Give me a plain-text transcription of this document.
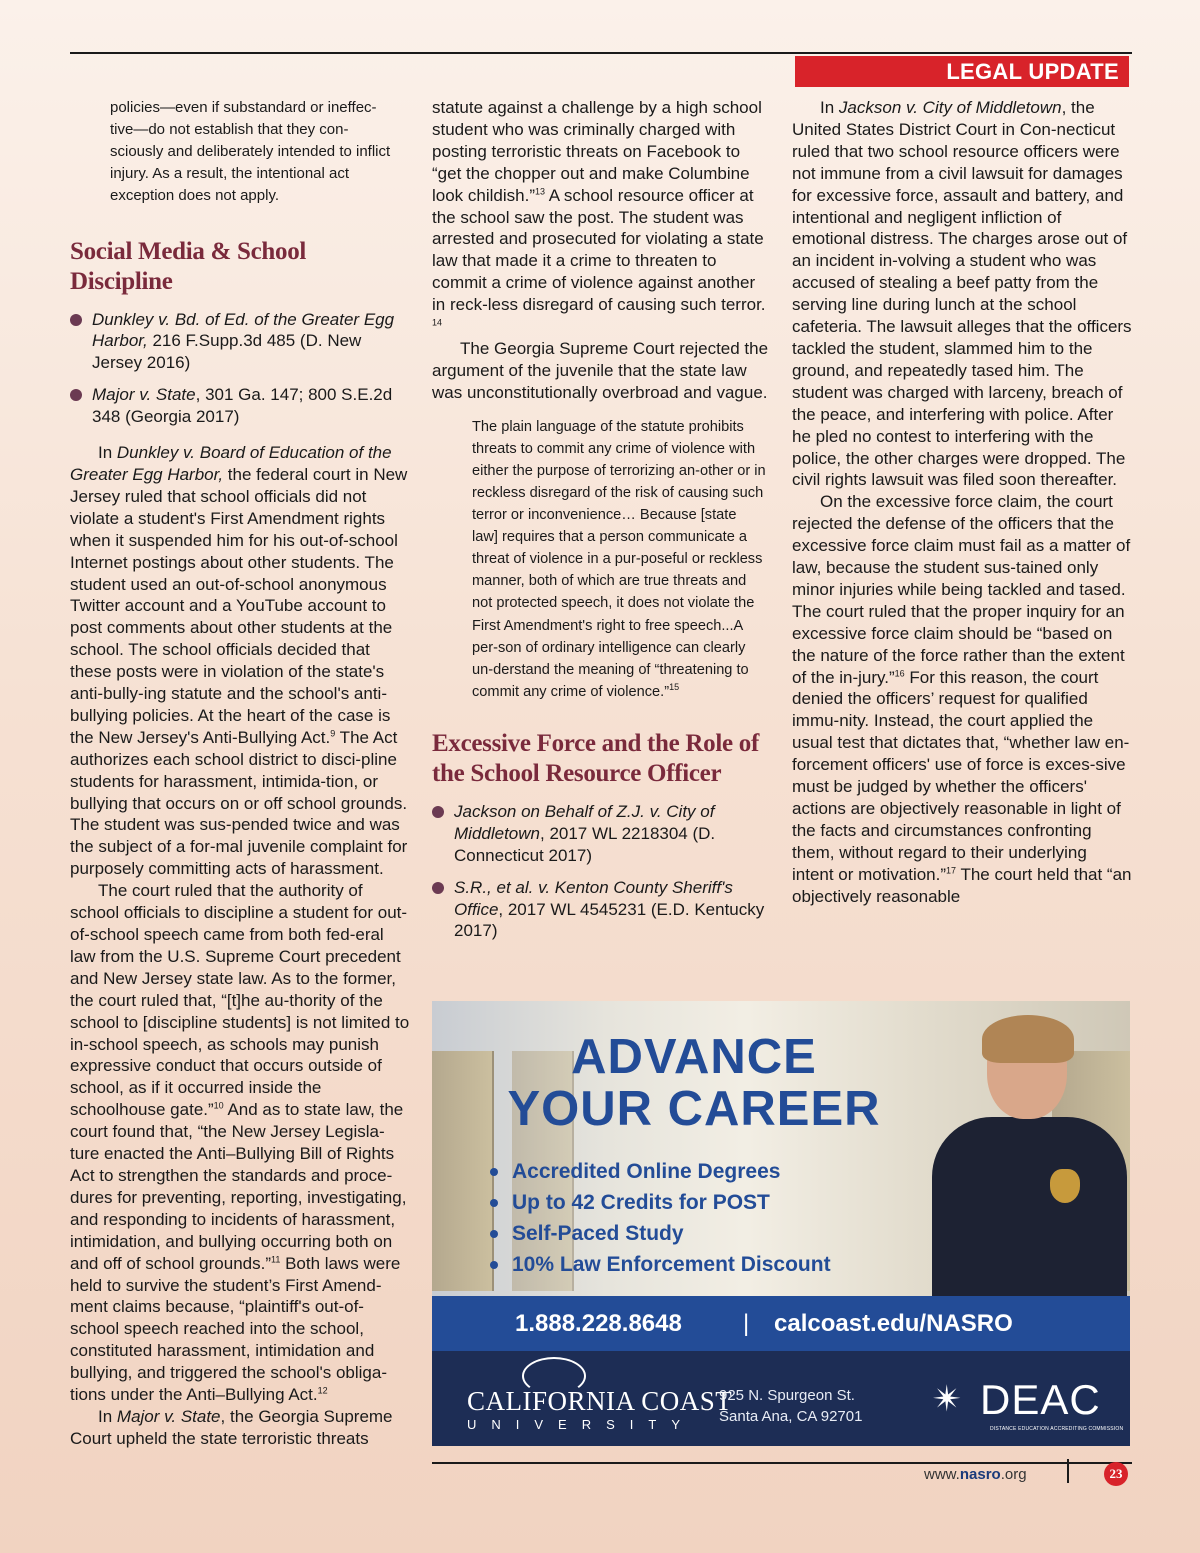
LEGAL UPDATE

policies—even if substandard or ineffec-tive—do not establish that they con-sciously and deliberately intended to inflict injury. As a result, the intentional act exception does not apply.

Social Media & School Discipline
Dunkley v. Bd. of Ed. of the Greater Egg Harbor, 216 F.Supp.3d 485 (D. New Jersey 2016)
Major v. State, 301 Ga. 147; 800 S.E.2d 348 (Georgia 2017)

In Dunkley v. Board of Education of the Greater Egg Harbor, the federal court in New Jersey ruled that school officials did not violate a student's First Amendment rights when it suspended him for his out-of-school Internet postings about other students. The student used an out-of-school anonymous Twitter account and a YouTube account to post comments about other students at the school. The school officials decided that these posts were in violation of the state's anti-bully-ing statute and the school's anti-bullying policies. At the heart of the case is the New Jersey's Anti-Bullying Act.$^9$ The Act authorizes each school district to disci-pline students for harassment, intimida-tion, or bullying that occurs on or off school grounds. The student was sus-pended twice and was the subject of a for-mal juvenile complaint for purposely committing acts of harassment.

The court ruled that the authority of school officials to discipline a student for out-of-school speech came from both fed-eral law from the U.S. Supreme Court precedent and New Jersey state law. As to the former, the court ruled that, “[t]he au-thority of the school to [discipline students] is not limited to in-school speech, as schools may punish expressive conduct that occurs outside of school, as if it occurred inside the schoolhouse gate.”$^{10}$ And as to state law, the court found that, “the New Jersey Legisla-ture enacted the Anti–Bullying Bill of Rights Act to strengthen the standards and proce-dures for preventing, reporting, investigating, and responding to incidents of harassment, intimidation, and bullying occurring both on and off of school grounds.”$^{11}$ Both laws were held to survive the student’s First Amend-ment claims because, “plaintiff's out-of-school speech reached into the school, constituted harassment, intimidation and bullying, and triggered the school's obliga-tions under the Anti–Bullying Act.$^{12}$

In Major v. State, the Georgia Supreme Court upheld the state terroristic threats

statute against a challenge by a high school student who was criminally charged with posting terroristic threats on Facebook to “get the chopper out and make Columbine look childish.”$^{13}$ A school resource officer at the school saw the post. The student was arrested and prosecuted for violating a state law that made it a crime to threaten to commit a crime of violence against another in reck-less disregard of causing such terror. $^{14}$

The Georgia Supreme Court rejected the argument of the juvenile that the state law was unconstitutionally overbroad and vague.

The plain language of the statute prohibits threats to commit any crime of violence with either the purpose of terrorizing an-other or in reckless disregard of the risk of causing such terror or inconvenience… Because [state law] requires that a person communicate a threat of violence in a pur-poseful or reckless manner, both of which are true threats and not protected speech, it does not violate the First Amendment's right to free speech...A per-son of ordinary intelligence can clearly un-derstand the meaning of “threatening to commit any crime of violence.”$^{15}$

Excessive Force and the Role of the School Resource Officer
Jackson on Behalf of Z.J. v. City of Middletown, 2017 WL 2218304 (D. Connecticut 2017)
S.R., et al. v. Kenton County Sheriff's Office, 2017 WL 4545231 (E.D. Kentucky 2017)

In Jackson v. City of Middletown, the United States District Court in Con-necticut ruled that two school resource officers were not immune from a civil lawsuit for damages for excessive force, assault and battery, and intentional and negligent infliction of emotional distress. The charges arose out of an incident in-volving a student who was accused of stealing a beef patty from the serving line during lunch at the school cafeteria. The lawsuit alleges that the officers tackled the student, slammed him to the ground, and repeatedly tased him. The student was charged with larceny, breach of the peace, and interfering with police. After he pled no contest to interfering with the police, the other charges were dropped. The civil rights lawsuit was filed soon thereafter.

On the excessive force claim, the court rejected the defense of the officers that the excessive force claim must fail as a matter of law, because the student sus-tained only minor injuries while being tackled and tased. The court ruled that the proper inquiry for an excessive force claim should be “based on the nature of the force rather than the extent of the in-jury.”$^{16}$ For this reason, the court denied the officers’ request for qualified immu-nity. Instead, the court applied the usual test that dictates that, “whether law en-forcement officers' use of force is exces-sive must be judged by whether the officers' actions are objectively reasonable in light of the facts and circumstances confronting them, without regard to their underlying intent or motivation.”$^{17}$ The court held that “an objectively reasonable

ADVANCE
YOUR CAREER
Accredited Online Degrees
Up to 42 Credits for POST
Self-Paced Study
10% Law Enforcement Discount
1.888.228.8648	| calcoast.edu/NASRO
CALIFORNIA COAST
UNIVERSITY
925 N. Spurgeon St.
Santa Ana, CA 92701 ✴ DEAC
DISTANCE EDUCATION ACCREDITING COMMISSION
www.nasro.org	23
